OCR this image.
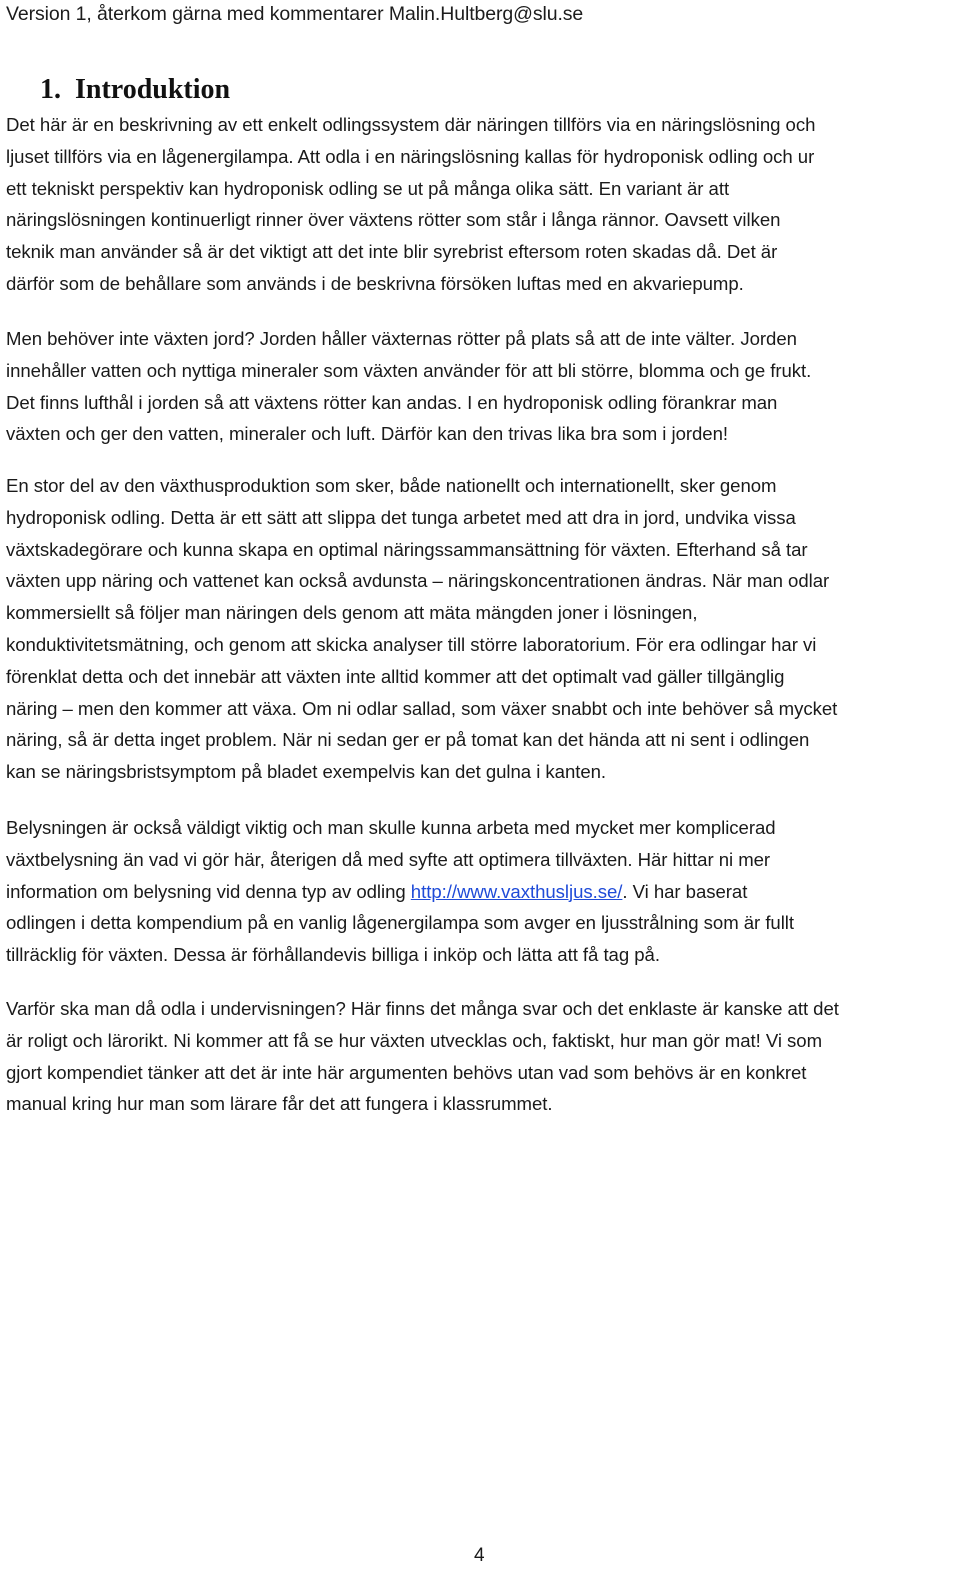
Version 1, återkom gärna med kommentarer Malin.Hultberg@slu.se
1. Introduktion
Det här är en beskrivning av ett enkelt odlingssystem där näringen tillförs via en näringslösning och
ljuset tillförs via en lågenergilampa. Att odla i en näringslösning kallas för hydroponisk odling och ur
ett tekniskt perspektiv kan hydroponisk odling se ut på många olika sätt. En variant är att
näringslösningen kontinuerligt rinner över växtens rötter som står i långa rännor. Oavsett vilken
teknik man använder så är det viktigt att det inte blir syrebrist eftersom roten skadas då. Det är
därför som de behållare som används i de beskrivna försöken luftas med en akvariepump.
Men behöver inte växten jord? Jorden håller växternas rötter på plats så att de inte välter. Jorden
innehåller vatten och nyttiga mineraler som växten använder för att bli större, blomma och ge frukt.
Det finns lufthål i jorden så att växtens rötter kan andas. I en hydroponisk odling förankrar man
växten och ger den vatten, mineraler och luft. Därför kan den trivas lika bra som i jorden!
En stor del av den växthusproduktion som sker, både nationellt och internationellt, sker genom
hydroponisk odling. Detta är ett sätt att slippa det tunga arbetet med att dra in jord, undvika vissa
växtskadegörare och kunna skapa en optimal näringssammansättning för växten. Efterhand så tar
växten upp näring och vattenet kan också avdunsta – näringskoncentrationen ändras. När man odlar
kommersiellt så följer man näringen dels genom att mäta mängden joner i lösningen,
konduktivitetsmätning, och genom att skicka analyser till större laboratorium. För era odlingar har vi
förenklat detta och det innebär att växten inte alltid kommer att det optimalt vad gäller tillgänglig
näring – men den kommer att växa. Om ni odlar sallad, som växer snabbt och inte behöver så mycket
näring, så är detta inget problem. När ni sedan ger er på tomat kan det hända att ni sent i odlingen
kan se näringsbristsymptom på bladet exempelvis kan det gulna i kanten.
Belysningen är också väldigt viktig och man skulle kunna arbeta med mycket mer komplicerad
växtbelysning än vad vi gör här, återigen då med syfte att optimera tillväxten. Här hittar ni mer
information om belysning vid denna typ av odling http://www.vaxthusljus.se/. Vi har baserat
odlingen i detta kompendium på en vanlig lågenergilampa som avger en ljusstrålning som är fullt
tillräcklig för växten. Dessa är förhållandevis billiga i inköp och lätta att få tag på.
Varför ska man då odla i undervisningen? Här finns det många svar och det enklaste är kanske att det
är roligt och lärorikt. Ni kommer att få se hur växten utvecklas och, faktiskt, hur man gör mat! Vi som
gjort kompendiet tänker att det är inte här argumenten behövs utan vad som behövs är en konkret
manual kring hur man som lärare får det att fungera i klassrummet.
4
